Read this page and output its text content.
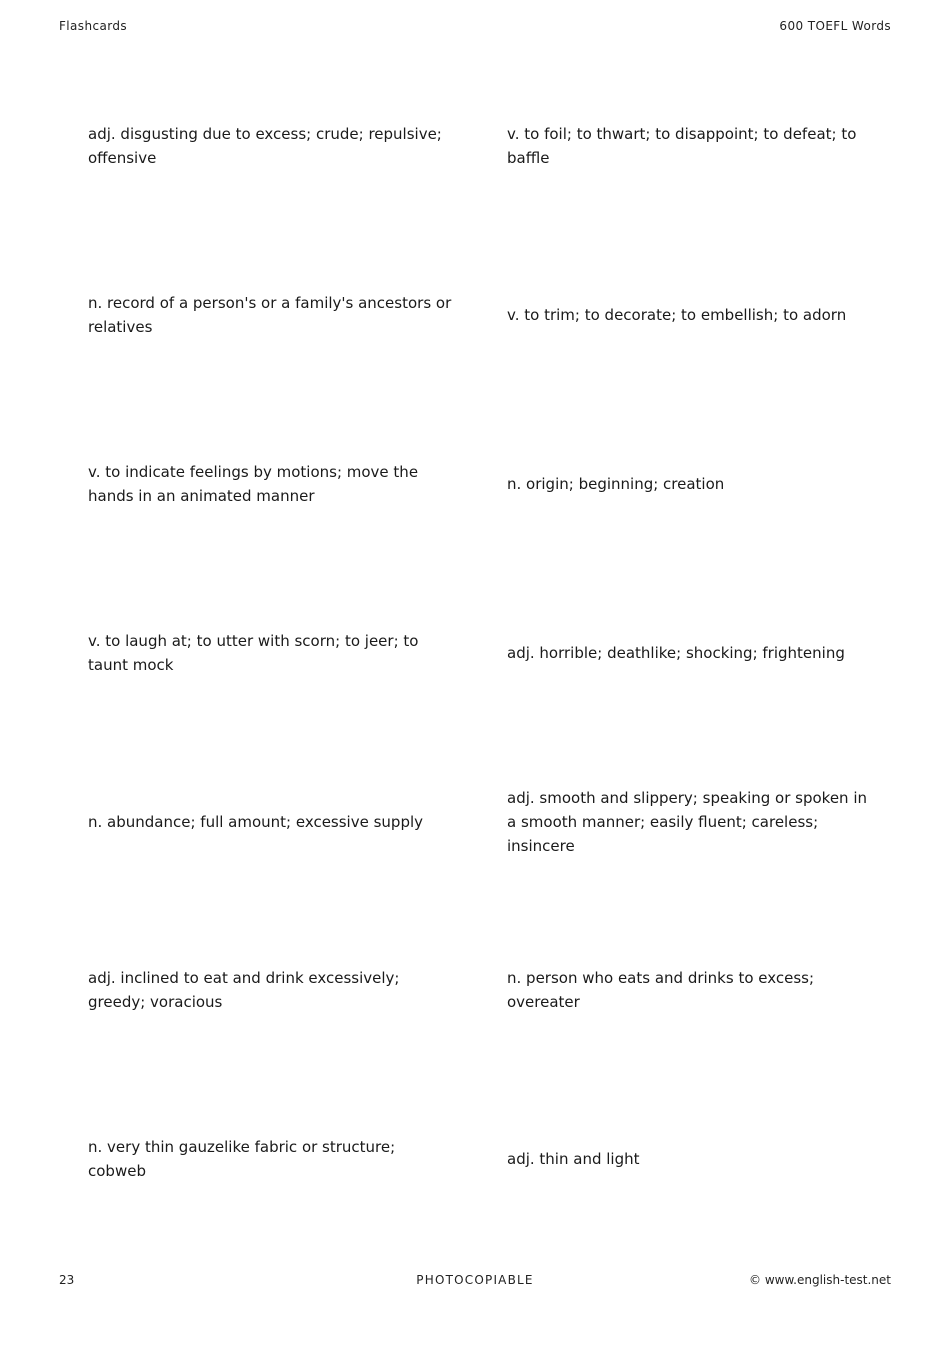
Flashcards	600 TOEFL Words
adj. disgusting due to excess; crude; repulsive; offensive
v. to foil; to thwart; to disappoint; to defeat; to baffle
n. record of a person's or a family's ancestors or relatives
v. to trim; to decorate; to embellish; to adorn
v. to indicate feelings by motions; move the hands in an animated manner
n. origin; beginning; creation
v. to laugh at; to utter with scorn; to jeer; to taunt mock
adj. horrible; deathlike; shocking; frightening
n. abundance; full amount; excessive supply
adj. smooth and slippery; speaking or spoken in a smooth manner; easily fluent; careless; insincere
adj. inclined to eat and drink excessively; greedy; voracious
n. person who eats and drinks to excess; overeater
n. very thin gauzelike fabric or structure; cobweb
adj. thin and light
23	PHOTOCOPIABLE	© www.english-test.net
